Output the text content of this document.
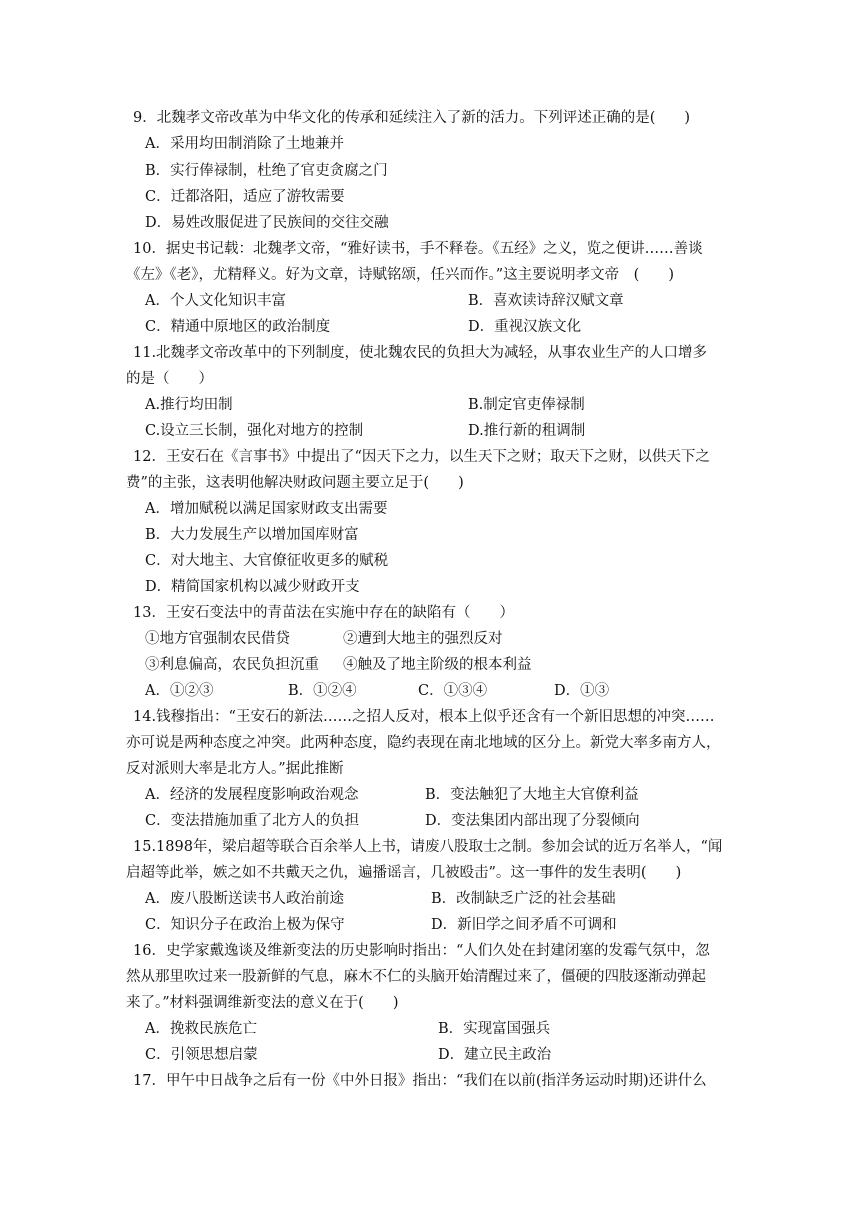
9．北魏孝文帝改革为中华文化的传承和延续注入了新的活力。下列评述正确的是(　　)
A．采用均田制消除了土地兼并
B．实行俸禄制，杜绝了官吏贪腐之门
C．迁都洛阳，适应了游牧需要
D．易姓改服促进了民族间的交往交融
10．据史书记载：北魏孝文帝，“雅好读书，手不释卷。《五经》之义，览之便讲……善谈
《左》《老》，尤精释义。好为文章，诗赋铭颂，任兴而作。”这主要说明孝文帝　(　　)
A．个人文化知识丰富	B．喜欢读诗辞汉赋文章
C．精通中原地区的政治制度	D．重视汉族文化
11.北魏孝文帝改革中的下列制度，使北魏农民的负担大为减轻，从事农业生产的人口增多
的是（　　）
A.推行均田制	B.制定官吏俸禄制
C.设立三长制，强化对地方的控制	D.推行新的租调制
12．王安石在《言事书》中提出了“因天下之力，以生天下之财；取天下之财，以供天下之
费”的主张，这表明他解决财政问题主要立足于(　　)
A．增加赋税以满足国家财政支出需要
B．大力发展生产以增加国库财富
C．对大地主、大官僚征收更多的赋税
D．精简国家机构以减少财政开支
13．王安石变法中的青苗法在实施中存在的缺陷有（　　）
①地方官强制农民借贷	②遭到大地主的强烈反对
③利息偏高，农民负担沉重 ④触及了地主阶级的根本利益
A．①②③	B．①②④	C．①③④	D．①③
14.钱穆指出：“王安石的新法……之招人反对，根本上似乎还含有一个新旧思想的冲突……
亦可说是两种态度之冲突。此两种态度，隐约表现在南北地域的区分上。新党大率多南方人，
反对派则大率是北方人。”据此推断
A．经济的发展程度影响政治观念	B．变法触犯了大地主大官僚利益
C．变法措施加重了北方人的负担	D．变法集团内部出现了分裂倾向
15.1898年，梁启超等联合百余举人上书，请废八股取士之制。参加会试的近万名举人，“闻
启超等此举，嫉之如不共戴天之仇，遍播谣言，几被殴击”。这一事件的发生表明(　　)
A．废八股断送读书人政治前途	B．改制缺乏广泛的社会基础
C．知识分子在政治上极为保守	D．新旧学之间矛盾不可调和
16．史学家戴逸谈及维新变法的历史影响时指出：“人们久处在封建闭塞的发霉气氛中，忽
然从那里吹过来一股新鲜的气息，麻木不仁的头脑开始清醒过来了，僵硬的四肢逐渐动弹起
来了。”材料强调维新变法的意义在于(　　)
A．挽救民族危亡	B．实现富国强兵
C．引领思想启蒙	D．建立民主政治
17．甲午中日战争之后有一份《中外日报》指出：“我们在以前(指洋务运动时期)还讲什么
